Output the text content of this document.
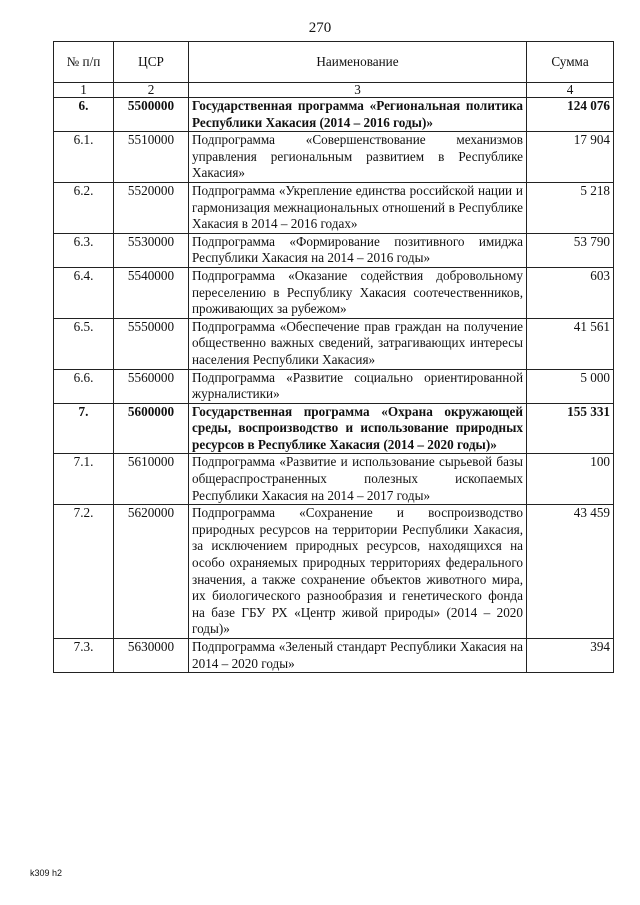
270
№ п/п	ЦСР	Наименование	Сумма
1	2	3	4
6.	5500000	Государственная программа «Региональная политика Республики Хакасия (2014 – 2016 годы)»	124 076
6.1.	5510000	Подпрограмма «Совершенствование механизмов управления региональным развитием в Республике Хакасия»	17 904
6.2.	5520000	Подпрограмма «Укрепление единства российской нации и гармонизация межнациональных отношений в Республике Хакасия в 2014 – 2016 годах»	5 218
6.3.	5530000	Подпрограмма «Формирование позитивного имиджа Республики Хакасия на 2014 – 2016 годы»	53 790
6.4.	5540000	Подпрограмма «Оказание содействия добровольному переселению в Республику Хакасия соотечественников, проживающих за рубежом»	603
6.5.	5550000	Подпрограмма «Обеспечение прав граждан на получение общественно важных сведений, затрагивающих интересы населения Республики Хакасия»	41 561
6.6.	5560000	Подпрограмма «Развитие социально ориентированной журналистики»	5 000
7.	5600000	Государственная программа «Охрана окружающей среды, воспроизводство и использование природных ресурсов в Республике Хакасия (2014 – 2020 годы)»	155 331
7.1.	5610000	Подпрограмма «Развитие и использование сырьевой базы общераспространенных полезных ископаемых Республики Хакасия на 2014 – 2017 годы»	100
7.2.	5620000	Подпрограмма «Сохранение и воспроизводство природных ресурсов на территории Республики Хакасия, за исключением природных ресурсов, находящихся на особо охраняемых природных территориях федерального значения, а также сохранение объектов животного мира, их биологического разнообразия и генетического фонда на базе ГБУ РХ «Центр живой природы» (2014 – 2020 годы)»	43 459
7.3.	5630000	Подпрограмма «Зеленый стандарт Республики Хакасия на 2014 – 2020 годы»	394
k309 h2
